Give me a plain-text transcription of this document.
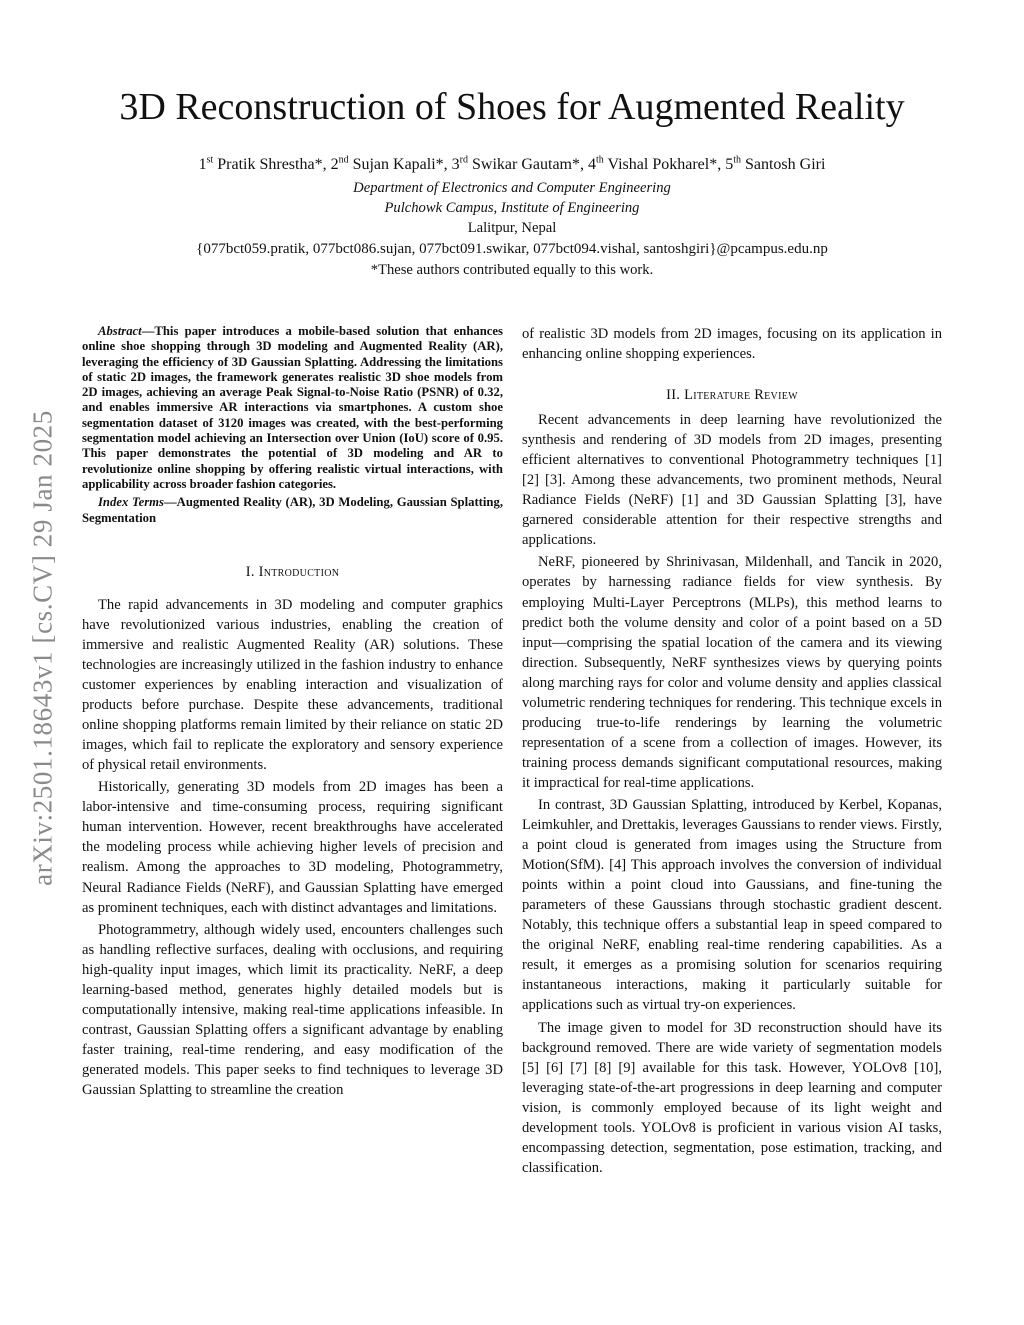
arXiv:2501.18643v1 [cs.CV] 29 Jan 2025
3D Reconstruction of Shoes for Augmented Reality
1st Pratik Shrestha*, 2nd Sujan Kapali*, 3rd Swikar Gautam*, 4th Vishal Pokharel*, 5th Santosh Giri
Department of Electronics and Computer Engineering
Pulchowk Campus, Institute of Engineering
Lalitpur, Nepal
{077bct059.pratik, 077bct086.sujan, 077bct091.swikar, 077bct094.vishal, santoshgiri}@pcampus.edu.np
*These authors contributed equally to this work.

Abstract—This paper introduces a mobile-based solution that enhances online shoe shopping through 3D modeling and Augmented Reality (AR), leveraging the efficiency of 3D Gaussian Splatting. Addressing the limitations of static 2D images, the framework generates realistic 3D shoe models from 2D images, achieving an average Peak Signal-to-Noise Ratio (PSNR) of 0.32, and enables immersive AR interactions via smartphones. A custom shoe segmentation dataset of 3120 images was created, with the best-performing segmentation model achieving an Intersection over Union (IoU) score of 0.95. This paper demonstrates the potential of 3D modeling and AR to revolutionize online shopping by offering realistic virtual interactions, with applicability across broader fashion categories.

Index Terms—Augmented Reality (AR), 3D Modeling, Gaussian Splatting, Segmentation

I. Introduction

The rapid advancements in 3D modeling and computer graphics have revolutionized various industries, enabling the creation of immersive and realistic Augmented Reality (AR) solutions. These technologies are increasingly utilized in the fashion industry to enhance customer experiences by enabling interaction and visualization of products before purchase. Despite these advancements, traditional online shopping platforms remain limited by their reliance on static 2D images, which fail to replicate the exploratory and sensory experience of physical retail environments.

Historically, generating 3D models from 2D images has been a labor-intensive and time-consuming process, requiring significant human intervention. However, recent breakthroughs have accelerated the modeling process while achieving higher levels of precision and realism. Among the approaches to 3D modeling, Photogrammetry, Neural Radiance Fields (NeRF), and Gaussian Splatting have emerged as prominent techniques, each with distinct advantages and limitations.

Photogrammetry, although widely used, encounters challenges such as handling reflective surfaces, dealing with occlusions, and requiring high-quality input images, which limit its practicality. NeRF, a deep learning-based method, generates highly detailed models but is computationally intensive, making real-time applications infeasible. In contrast, Gaussian Splatting offers a significant advantage by enabling faster training, real-time rendering, and easy modification of the generated models. This paper seeks to find techniques to leverage 3D Gaussian Splatting to streamline the creation

of realistic 3D models from 2D images, focusing on its application in enhancing online shopping experiences.

II. Literature Review

Recent advancements in deep learning have revolutionized the synthesis and rendering of 3D models from 2D images, presenting efficient alternatives to conventional Photogrammetry techniques [1] [2] [3]. Among these advancements, two prominent methods, Neural Radiance Fields (NeRF) [1] and 3D Gaussian Splatting [3], have garnered considerable attention for their respective strengths and applications.

NeRF, pioneered by Shrinivasan, Mildenhall, and Tancik in 2020, operates by harnessing radiance fields for view synthesis. By employing Multi-Layer Perceptrons (MLPs), this method learns to predict both the volume density and color of a point based on a 5D input—comprising the spatial location of the camera and its viewing direction. Subsequently, NeRF synthesizes views by querying points along marching rays for color and volume density and applies classical volumetric rendering techniques for rendering. This technique excels in producing true-to-life renderings by learning the volumetric representation of a scene from a collection of images. However, its training process demands significant computational resources, making it impractical for real-time applications.

In contrast, 3D Gaussian Splatting, introduced by Kerbel, Kopanas, Leimkuhler, and Drettakis, leverages Gaussians to render views. Firstly, a point cloud is generated from images using the Structure from Motion(SfM). [4] This approach involves the conversion of individual points within a point cloud into Gaussians, and fine-tuning the parameters of these Gaussians through stochastic gradient descent. Notably, this technique offers a substantial leap in speed compared to the original NeRF, enabling real-time rendering capabilities. As a result, it emerges as a promising solution for scenarios requiring instantaneous interactions, making it particularly suitable for applications such as virtual try-on experiences.

The image given to model for 3D reconstruction should have its background removed. There are wide variety of segmentation models [5] [6] [7] [8] [9] available for this task. However, YOLOv8 [10], leveraging state-of-the-art progressions in deep learning and computer vision, is commonly employed because of its light weight and development tools. YOLOv8 is proficient in various vision AI tasks, encompassing detection, segmentation, pose estimation, tracking, and classification.
